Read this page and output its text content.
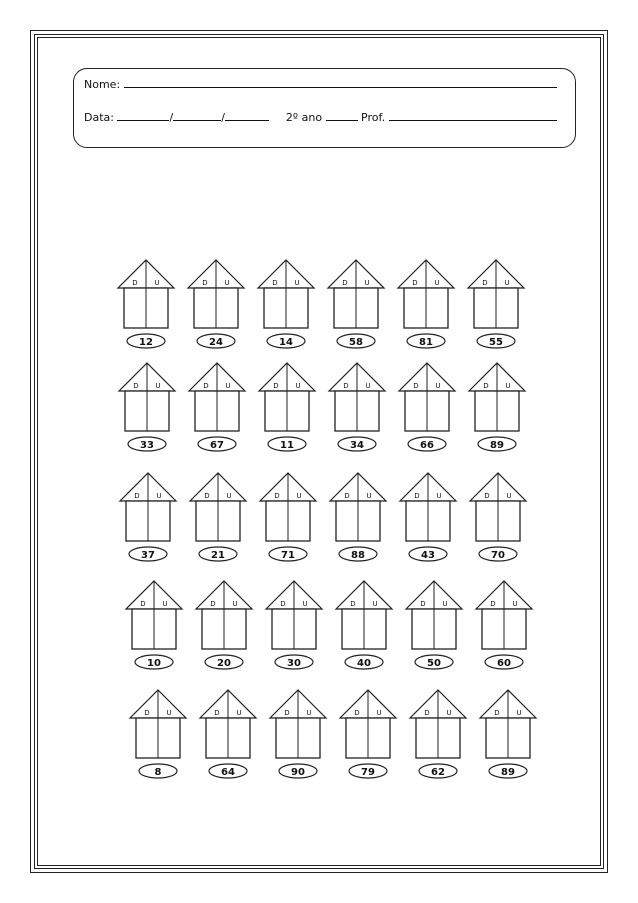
Nome:
Data:	/	/	2º ano	Prof.
D U
12
D U
24
D U
14
D U
58
D U
81
D U
55
D U
33
D U
67
D U
11
D U
34
D U
66
D U
89
D U
37
D U
21
D U
71
D U
88
D U
43
D U
70
D U
10
D U
20
D U
30
D U
40
D U
50
D U
60
D U
8
D U
64
D U
90
D U
79
D U
62
D U
89
